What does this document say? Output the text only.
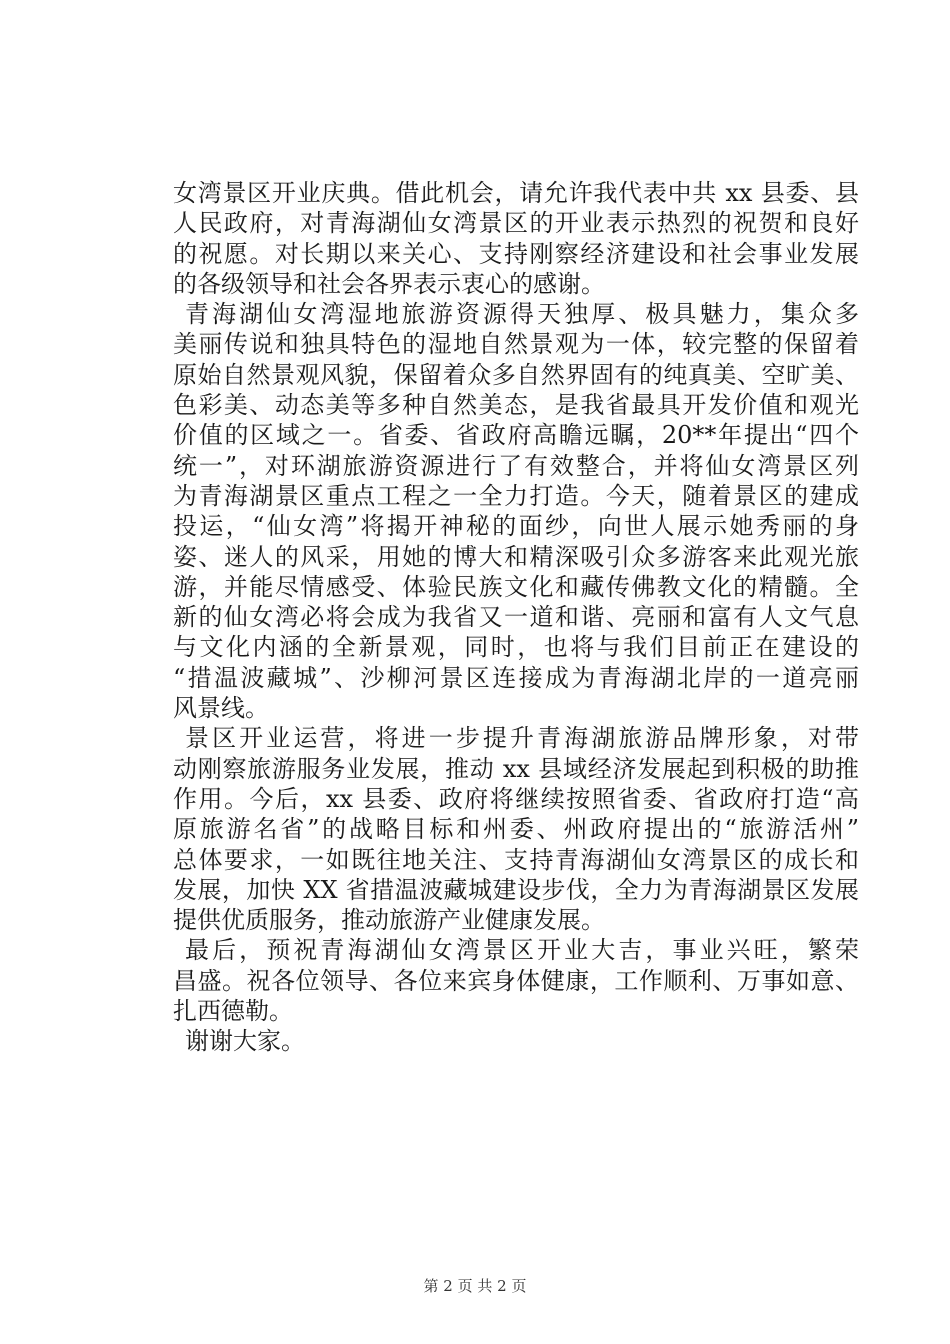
女湾景区开业庆典。借此机会，请允许我代表中共 xx 县委、县
人民政府，对青海湖仙女湾景区的开业表示热烈的祝贺和良好
的祝愿。对长期以来关心、支持刚察经济建设和社会事业发展
的各级领导和社会各界表示衷心的感谢。
青海湖仙女湾湿地旅游资源得天独厚、极具魅力，集众多
美丽传说和独具特色的湿地自然景观为一体，较完整的保留着
原始自然景观风貌，保留着众多自然界固有的纯真美、空旷美、
色彩美、动态美等多种自然美态，是我省最具开发价值和观光
价值的区域之一。省委、省政府高瞻远瞩，20**年提出“四个
统一”，对环湖旅游资源进行了有效整合，并将仙女湾景区列
为青海湖景区重点工程之一全力打造。今天，随着景区的建成
投运，“仙女湾”将揭开神秘的面纱，向世人展示她秀丽的身
姿、迷人的风采，用她的博大和精深吸引众多游客来此观光旅
游，并能尽情感受、体验民族文化和藏传佛教文化的精髓。全
新的仙女湾必将会成为我省又一道和谐、亮丽和富有人文气息
与文化内涵的全新景观，同时，也将与我们目前正在建设的
“措温波藏城”、沙柳河景区连接成为青海湖北岸的一道亮丽
风景线。
景区开业运营，将进一步提升青海湖旅游品牌形象，对带
动刚察旅游服务业发展，推动 xx 县域经济发展起到积极的助推
作用。今后，xx 县委、政府将继续按照省委、省政府打造“高
原旅游名省”的战略目标和州委、州政府提出的“旅游活州”
总体要求，一如既往地关注、支持青海湖仙女湾景区的成长和
发展，加快 XX 省措温波藏城建设步伐，全力为青海湖景区发展
提供优质服务，推动旅游产业健康发展。
最后，预祝青海湖仙女湾景区开业大吉，事业兴旺，繁荣
昌盛。祝各位领导、各位来宾身体健康，工作顺利、万事如意、
扎西德勒。
谢谢大家。
第 2 页 共 2 页
